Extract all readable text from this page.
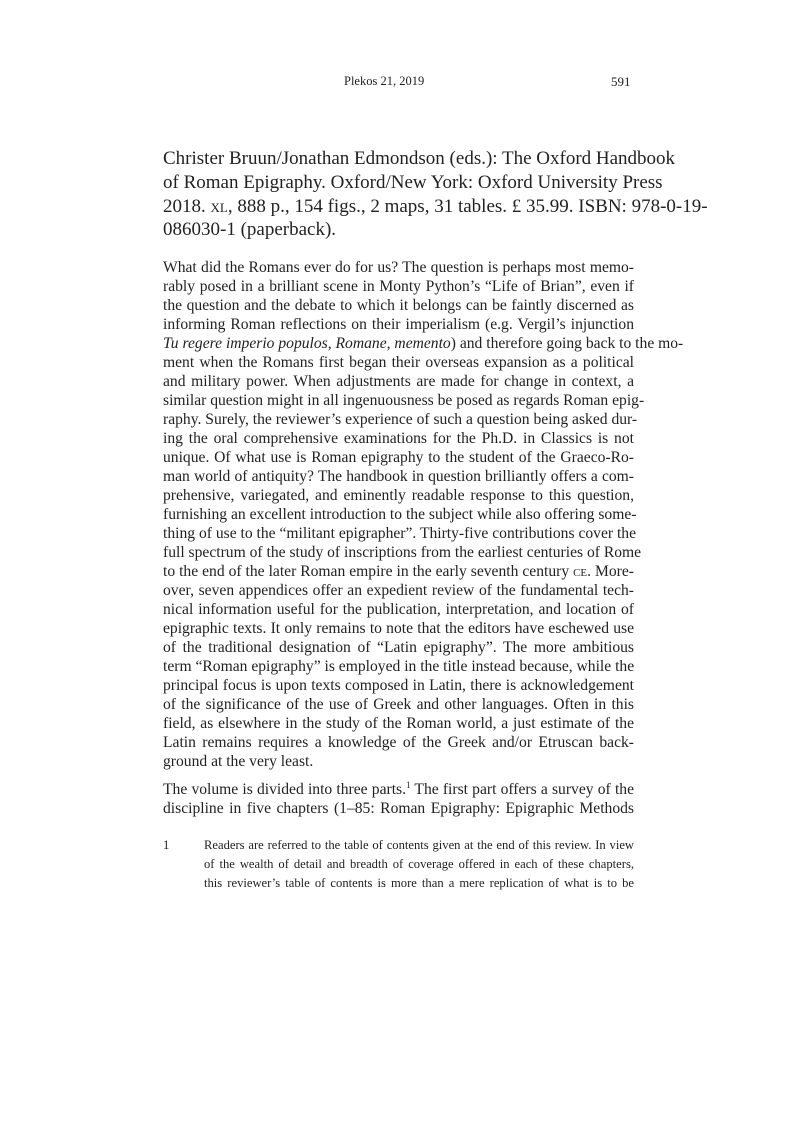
Plekos 21, 2019	591
Christer Bruun/Jonathan Edmondson (eds.): The Oxford Handbook
of Roman Epigraphy. Oxford/New York: Oxford University Press
2018. xl, 888 p., 154 figs., 2 maps, 31 tables. £ 35.99. ISBN: 978-0-19-
086030-1 (paperback).
What did the Romans ever do for us? The question is perhaps most memo-
rably posed in a brilliant scene in Monty Python’s “Life of Brian”, even if
the question and the debate to which it belongs can be faintly discerned as
informing Roman reflections on their imperialism (e.g. Vergil’s injunction
Tu regere imperio populos, Romane, memento) and therefore going back to the mo-
ment when the Romans first began their overseas expansion as a political
and military power. When adjustments are made for change in context, a
similar question might in all ingenuousness be posed as regards Roman epig-
raphy. Surely, the reviewer’s experience of such a question being asked dur-
ing the oral comprehensive examinations for the Ph.D. in Classics is not
unique. Of what use is Roman epigraphy to the student of the Graeco-Ro-
man world of antiquity? The handbook in question brilliantly offers a com-
prehensive, variegated, and eminently readable response to this question,
furnishing an excellent introduction to the subject while also offering some-
thing of use to the “militant epigrapher”. Thirty-five contributions cover the
full spectrum of the study of inscriptions from the earliest centuries of Rome
to the end of the later Roman empire in the early seventh century ce. More-
over, seven appendices offer an expedient review of the fundamental tech-
nical information useful for the publication, interpretation, and location of
epigraphic texts. It only remains to note that the editors have eschewed use
of the traditional designation of “Latin epigraphy”. The more ambitious
term “Roman epigraphy” is employed in the title instead because, while the
principal focus is upon texts composed in Latin, there is acknowledgement
of the significance of the use of Greek and other languages. Often in this
field, as elsewhere in the study of the Roman world, a just estimate of the
Latin remains requires a knowledge of the Greek and/or Etruscan back-
ground at the very least.
The volume is divided into three parts.$^1$ The first part offers a survey of the
discipline in five chapters (1–85: Roman Epigraphy: Epigraphic Methods
1	Readers are referred to the table of contents given at the end of this review. In view
of the wealth of detail and breadth of coverage offered in each of these chapters,
this reviewer’s table of contents is more than a mere replication of what is to be
